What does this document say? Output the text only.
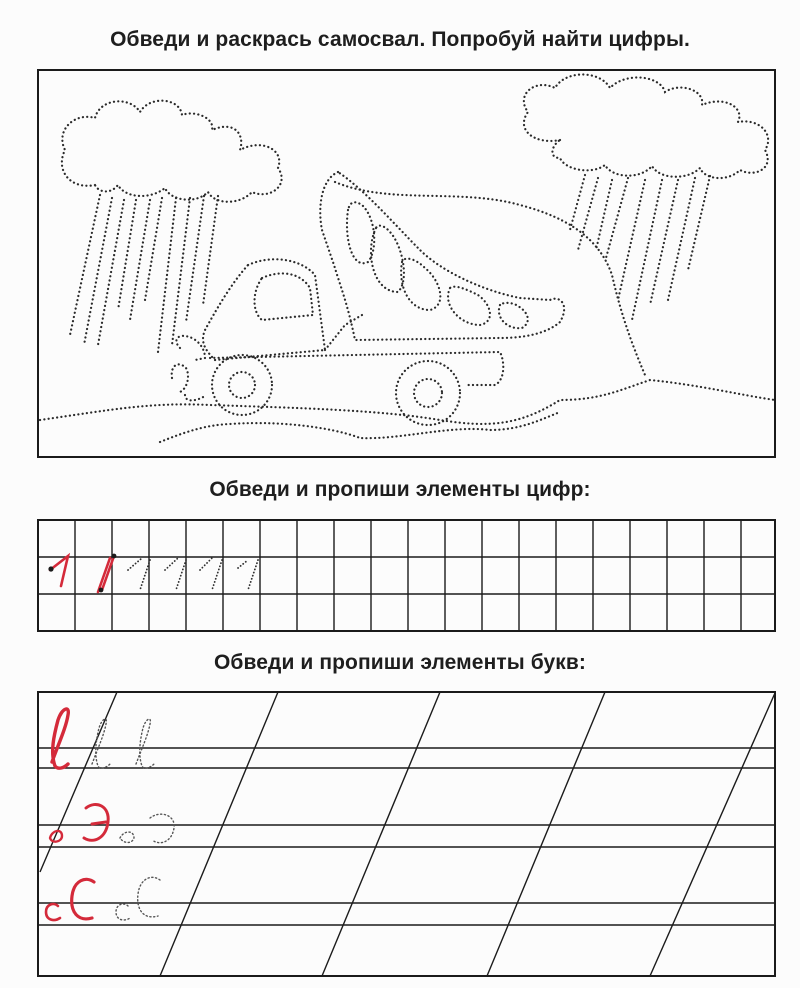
Обведи и раскрась самосвал. Попробуй найти цифры.
Обведи и пропиши элементы цифр:
Обведи и пропиши элементы букв:
